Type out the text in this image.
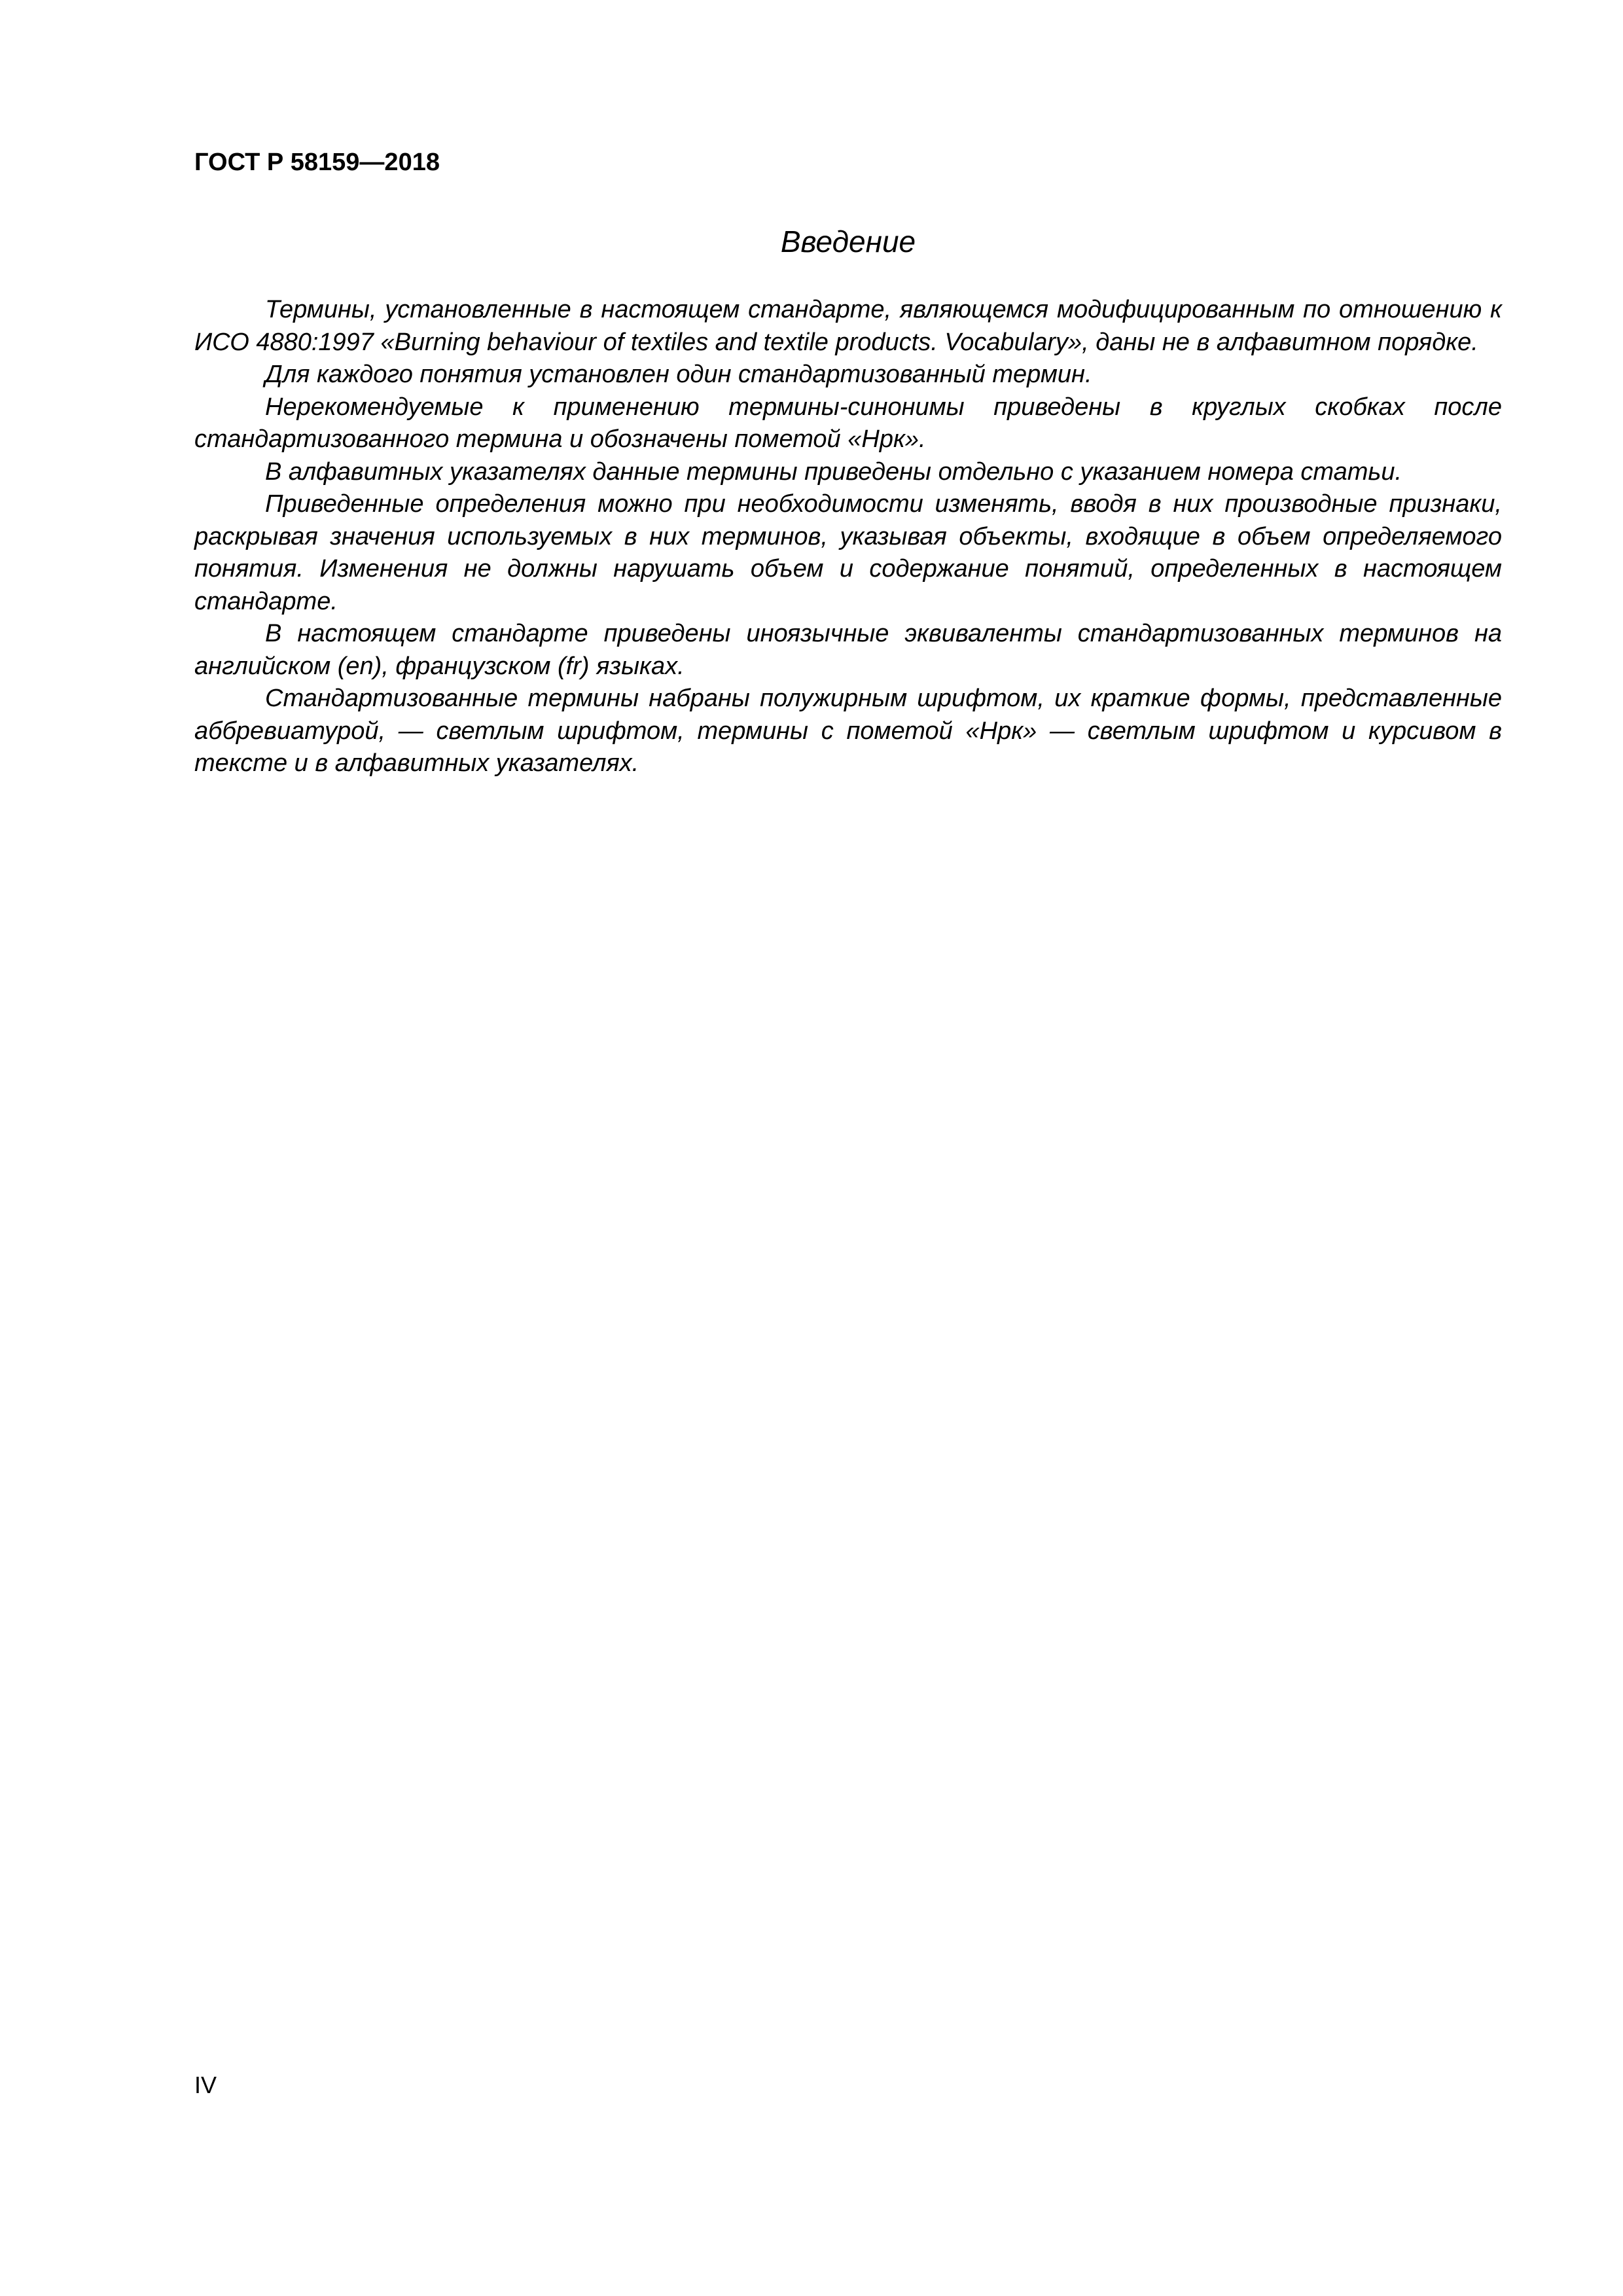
ГОСТ Р 58159—2018
Введение

Термины, установленные в настоящем стандарте, являющемся модифицированным по отношению к ИСО 4880:1997 «Burning behaviour of textiles and textile products. Vocabulary», даны не в алфавитном порядке.

Для каждого понятия установлен один стандартизованный термин.

Нерекомендуемые к применению термины-синонимы приведены в круглых скобках после стандартизованного термина и обозначены пометой «Нрк».

В алфавитных указателях данные термины приведены отдельно с указанием номера статьи.

Приведенные определения можно при необходимости изменять, вводя в них производные признаки, раскрывая значения используемых в них терминов, указывая объекты, входящие в объем определяемого понятия. Изменения не должны нарушать объем и содержание понятий, определенных в настоящем стандарте.

В настоящем стандарте приведены иноязычные эквиваленты стандартизованных терминов на английском (en), французском (fr) языках.

Стандартизованные термины набраны полужирным шрифтом, их краткие формы, представленные аббревиатурой, — светлым шрифтом, термины с пометой «Нрк» — светлым шрифтом и курсивом в тексте и в алфавитных указателях.

IV
